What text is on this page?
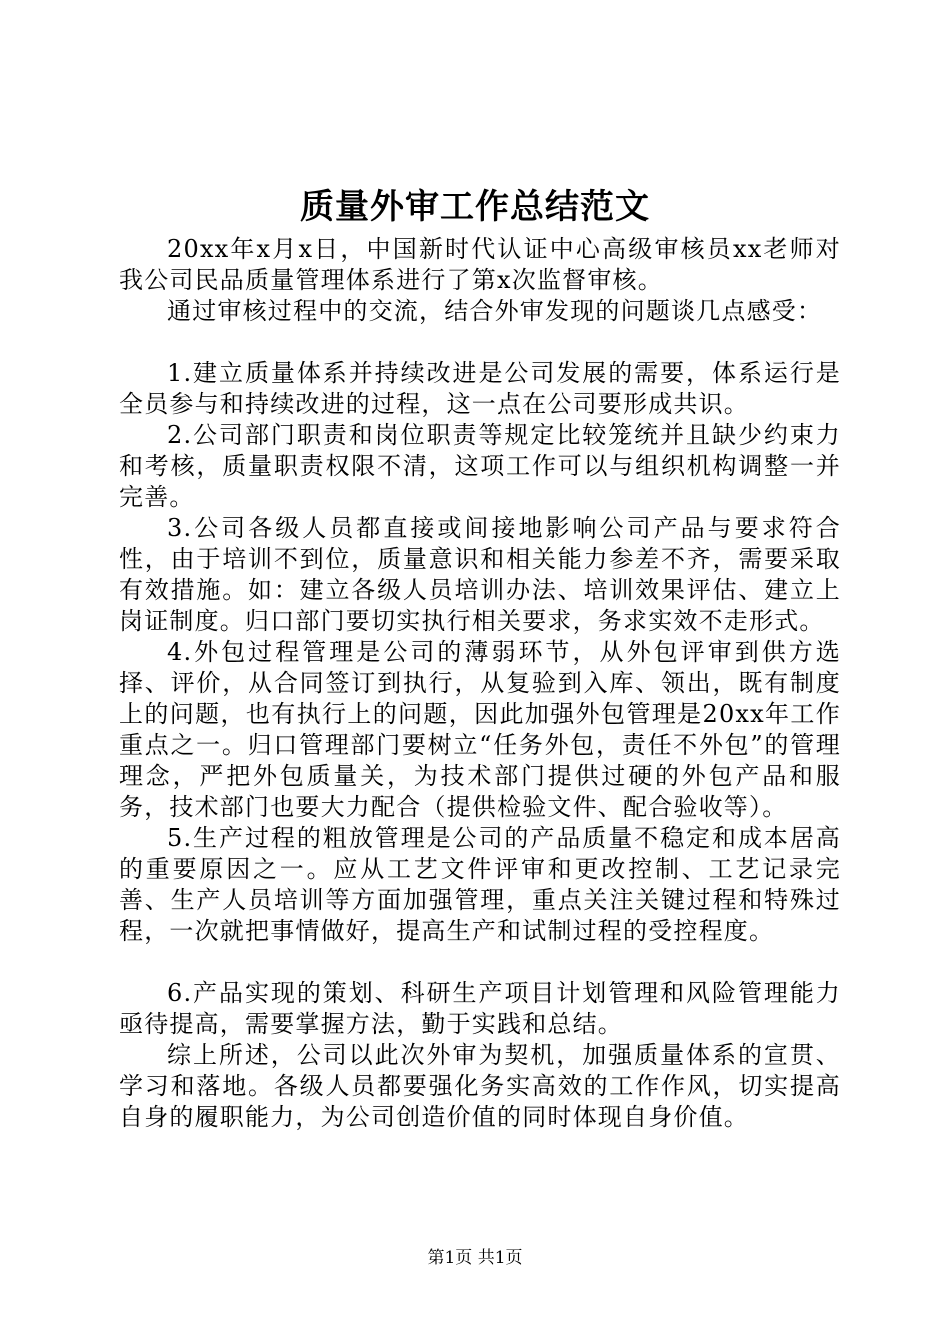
质量外审工作总结范文

20xx年x月x日，中国新时代认证中心高级审核员xx老师对我公司民品质量管理体系进行了第x次监督审核。

通过审核过程中的交流，结合外审发现的问题谈几点感受：

1.建立质量体系并持续改进是公司发展的需要，体系运行是全员参与和持续改进的过程，这一点在公司要形成共识。

2.公司部门职责和岗位职责等规定比较笼统并且缺少约束力和考核，质量职责权限不清，这项工作可以与组织机构调整一并完善。

3.公司各级人员都直接或间接地影响公司产品与要求符合性，由于培训不到位，质量意识和相关能力参差不齐，需要采取有效措施。如：建立各级人员培训办法、培训效果评估、建立上岗证制度。归口部门要切实执行相关要求，务求实效不走形式。

4.外包过程管理是公司的薄弱环节，从外包评审到供方选择、评价，从合同签订到执行，从复验到入库、领出，既有制度上的问题，也有执行上的问题，因此加强外包管理是20xx年工作重点之一。归口管理部门要树立“任务外包，责任不外包”的管理理念，严把外包质量关，为技术部门提供过硬的外包产品和服务，技术部门也要大力配合（提供检验文件、配合验收等）。

5.生产过程的粗放管理是公司的产品质量不稳定和成本居高的重要原因之一。应从工艺文件评审和更改控制、工艺记录完善、生产人员培训等方面加强管理，重点关注关键过程和特殊过程，一次就把事情做好，提高生产和试制过程的受控程度。

6.产品实现的策划、科研生产项目计划管理和风险管理能力亟待提高，需要掌握方法，勤于实践和总结。

综上所述，公司以此次外审为契机，加强质量体系的宣贯、学习和落地。各级人员都要强化务实高效的工作作风，切实提高自身的履职能力，为公司创造价值的同时体现自身价值。

第1页 共1页
